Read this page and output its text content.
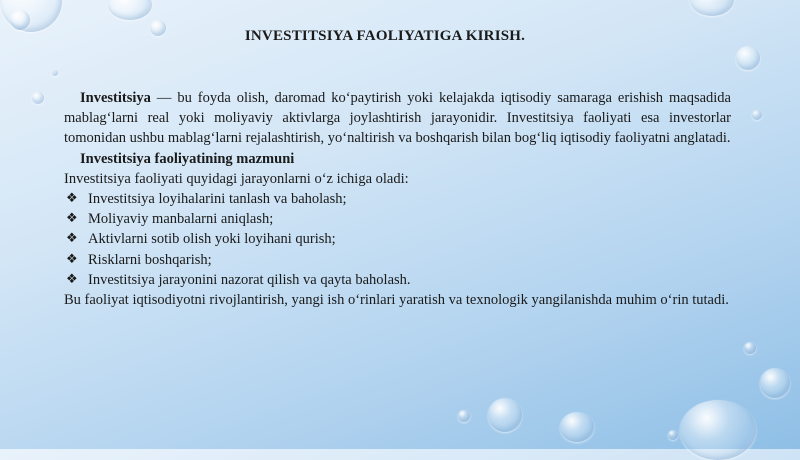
INVESTITSIYA FAOLIYATIGA KIRISH.

Investitsiya — bu foyda olish, daromad ko‘paytirish yoki kelajakda iqtisodiy samaraga erishish maqsadida mablag‘larni real yoki moliyaviy aktivlarga joylashtirish jarayonidir. Investitsiya faoliyati esa investorlar tomonidan ushbu mablag‘larni rejalashtirish, yo‘naltirish va boshqarish bilan bog‘liq iqtisodiy faoliyatni anglatadi.

Investitsiya faoliyatining mazmuni

Investitsiya faoliyati quyidagi jarayonlarni o‘z ichiga oladi:

❖ Investitsiya loyihalarini tanlash va baholash;
❖ Moliyaviy manbalarni aniqlash;
❖ Aktivlarni sotib olish yoki loyihani qurish;
❖ Risklarni boshqarish;
❖ Investitsiya jarayonini nazorat qilish va qayta baholash.

Bu faoliyat iqtisodiyotni rivojlantirish, yangi ish o‘rinlari yaratish va texnologik yangilanishda muhim o‘rin tutadi.
